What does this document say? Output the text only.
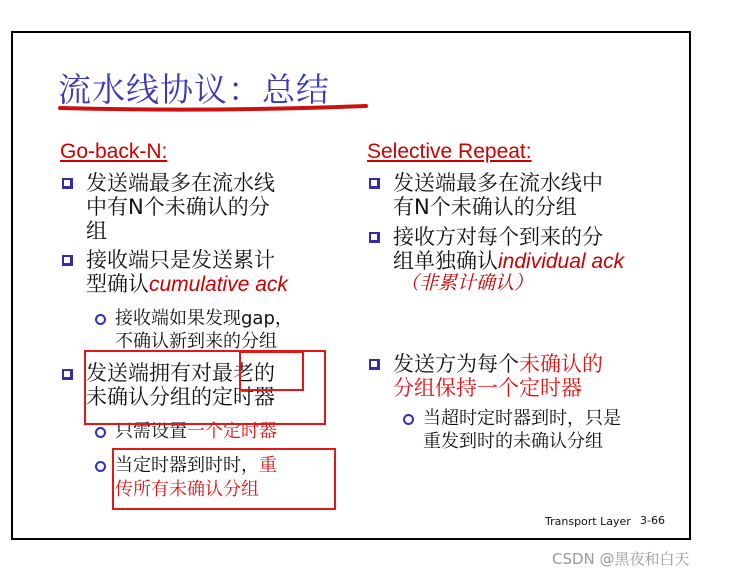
流水线协议：总结
Go-back-N:
发送端最多在流水线
中有N个未确认的分
组
接收端只是发送累计
型确认cumulative ack
接收端如果发现gap，
不确认新到来的分组
发送端拥有对最老的
未确认分组的定时器
只需设置一个定时器
当定时器到时时，重
传所有未确认分组
Selective Repeat:
发送端最多在流水线中
有N个未确认的分组
接收方对每个到来的分
组单独确认individual ack
（非累计确认）
发送方为每个未确认的
分组保持一个定时器
当超时定时器到时，只是
重发到时的未确认分组
Transport Layer 3-66
CSDN @黑夜和白天
